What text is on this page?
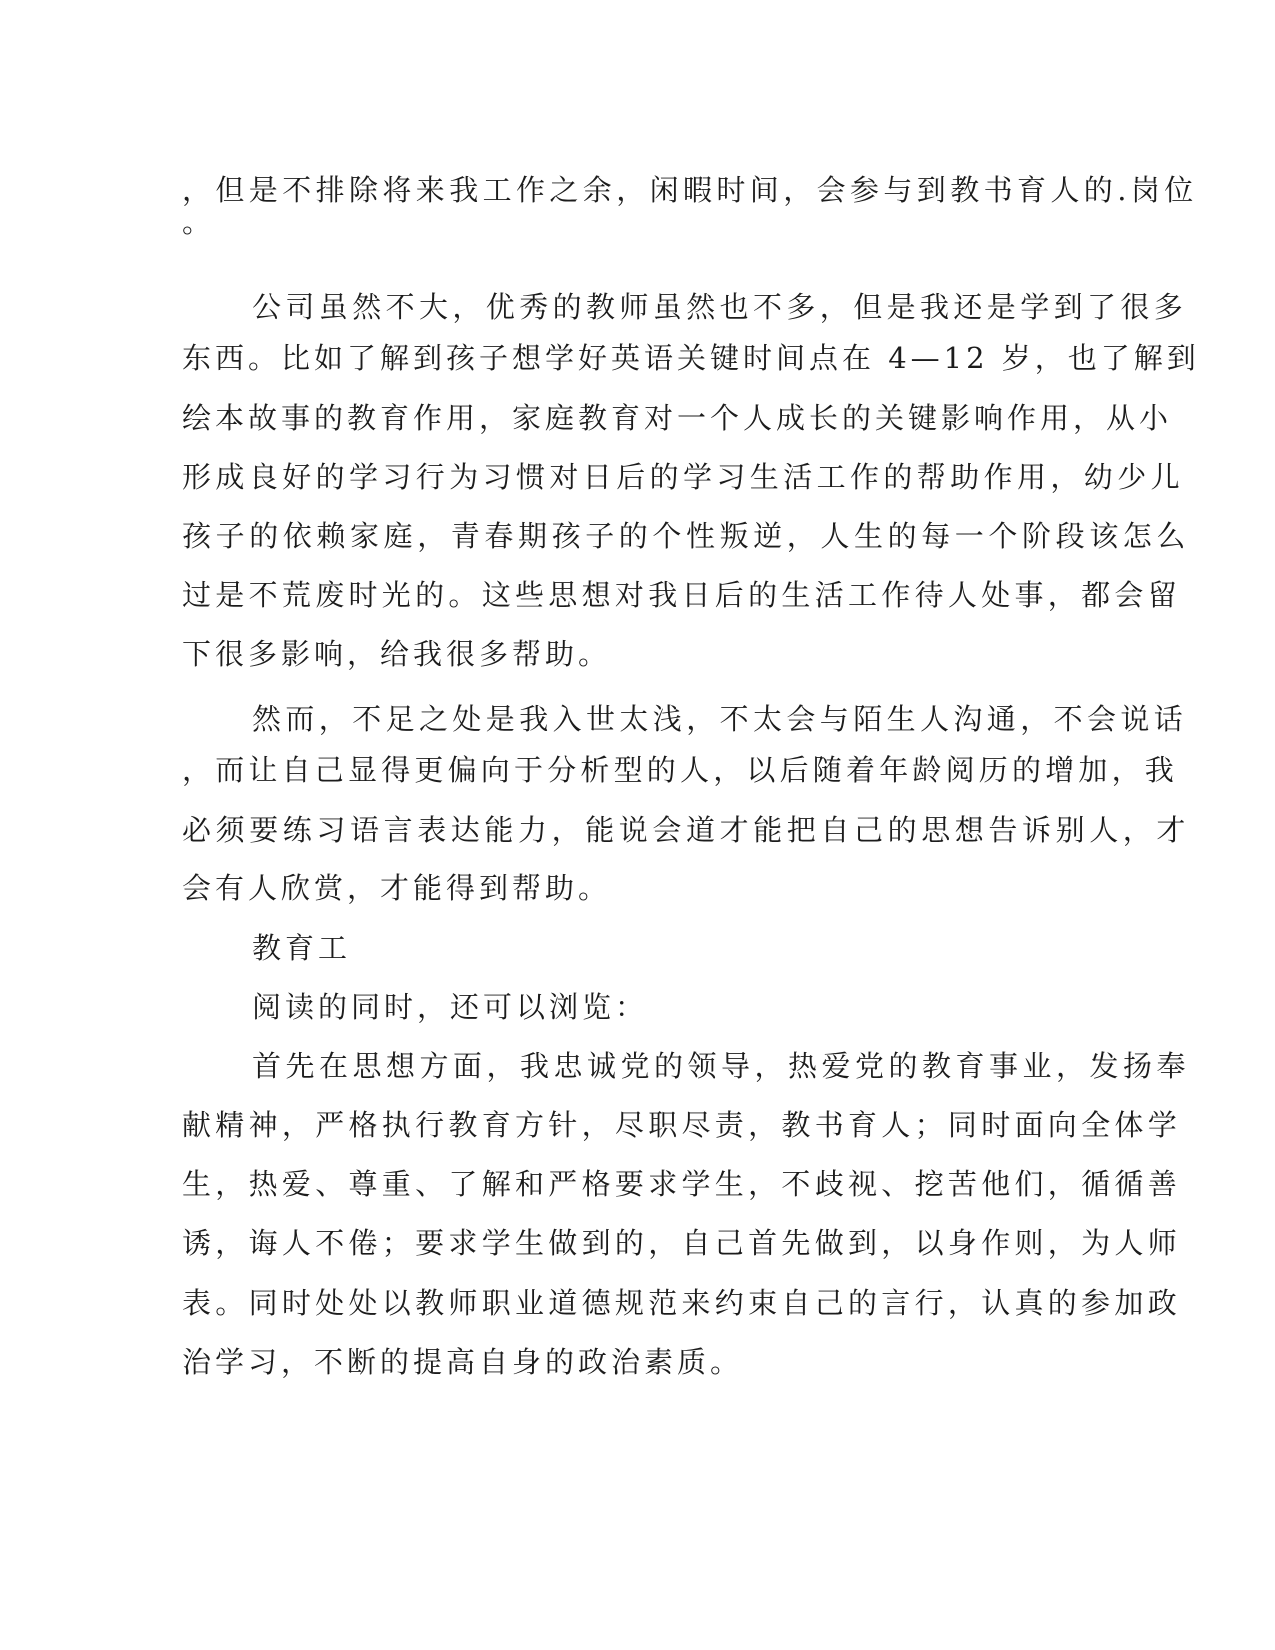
，但是不排除将来我工作之余，闲暇时间，会参与到教书育人的.岗位
。
公司虽然不大，优秀的教师虽然也不多，但是我还是学到了很多
东西。比如了解到孩子想学好英语关键时间点在 4—12 岁，也了解到
绘本故事的教育作用，家庭教育对一个人成长的关键影响作用，从小
形成良好的学习行为习惯对日后的学习生活工作的帮助作用，幼少儿
孩子的依赖家庭，青春期孩子的个性叛逆，人生的每一个阶段该怎么
过是不荒废时光的。这些思想对我日后的生活工作待人处事，都会留
下很多影响，给我很多帮助。
然而，不足之处是我入世太浅，不太会与陌生人沟通，不会说话
，而让自己显得更偏向于分析型的人，以后随着年龄阅历的增加，我
必须要练习语言表达能力，能说会道才能把自己的思想告诉别人，才
会有人欣赏，才能得到帮助。
教育工
阅读的同时，还可以浏览：
首先在思想方面，我忠诚党的领导，热爱党的教育事业，发扬奉
献精神，严格执行教育方针，尽职尽责，教书育人；同时面向全体学
生，热爱、尊重、了解和严格要求学生，不歧视、挖苦他们，循循善
诱，诲人不倦；要求学生做到的，自己首先做到，以身作则，为人师
表。同时处处以教师职业道德规范来约束自己的言行，认真的参加政
治学习，不断的提高自身的政治素质。
